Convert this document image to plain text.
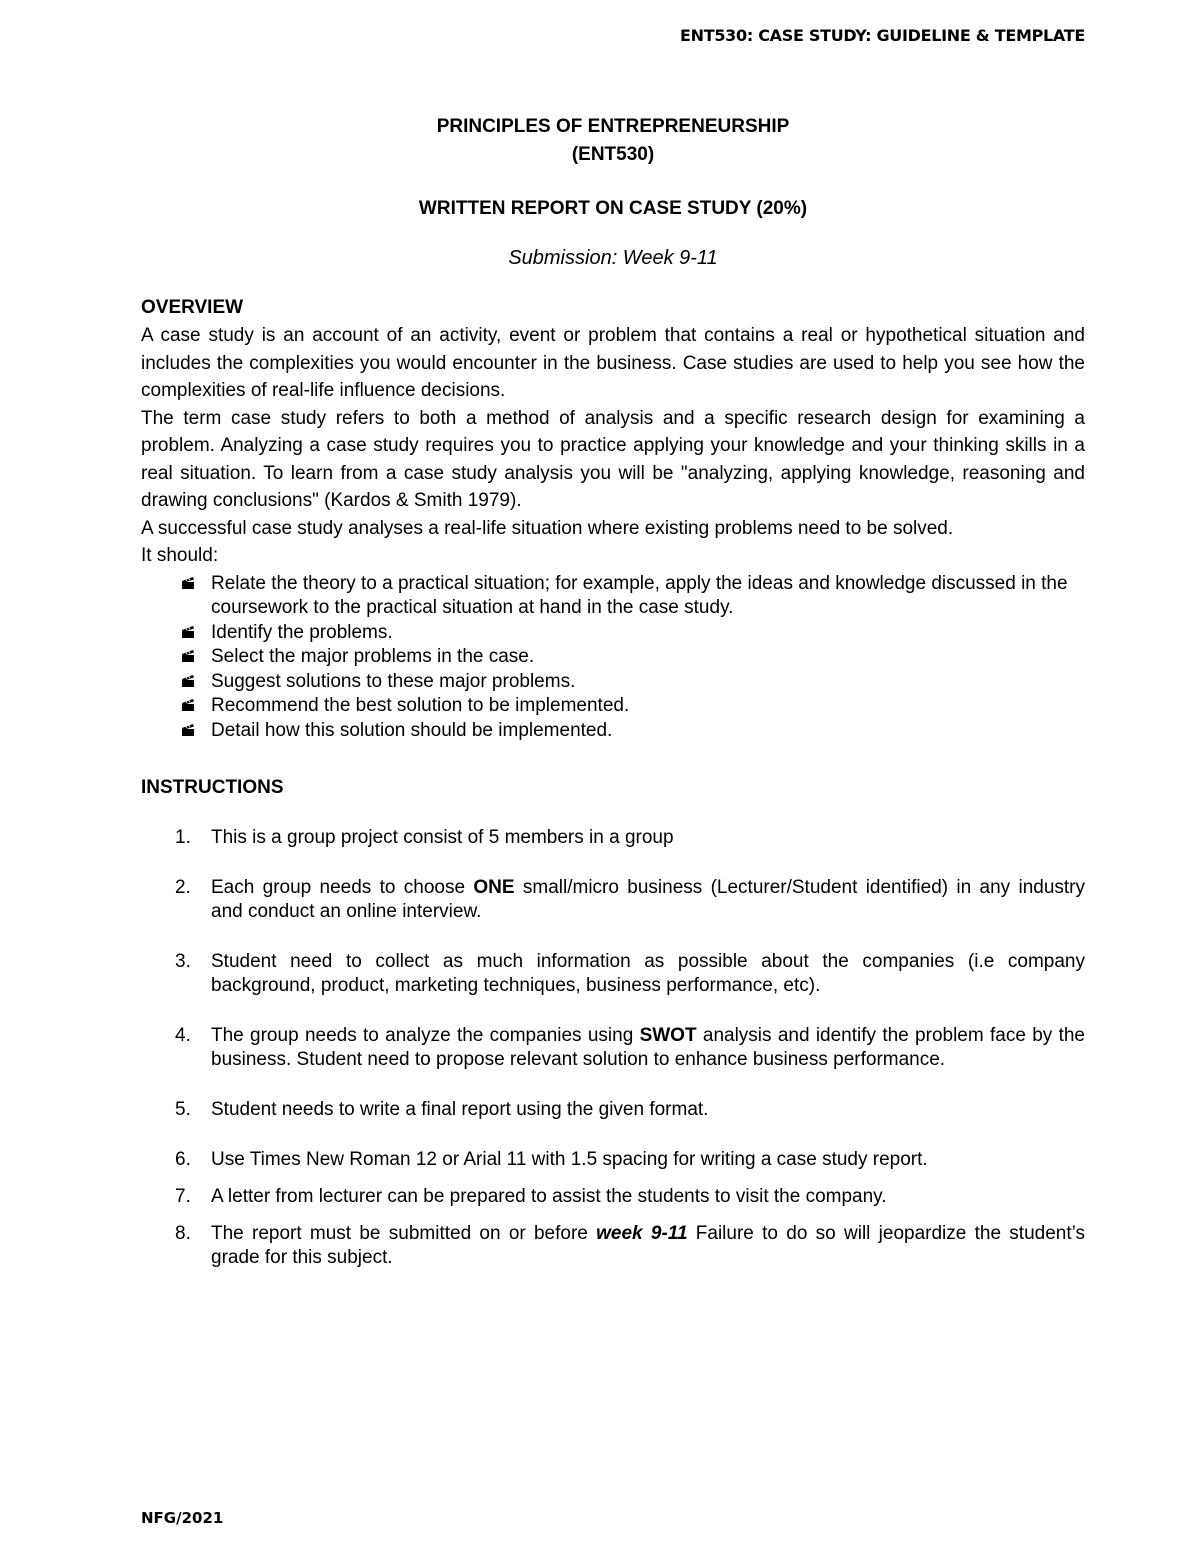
ENT530: CASE STUDY: GUIDELINE & TEMPLATE

PRINCIPLES OF ENTREPRENEURSHIP

(ENT530)

WRITTEN REPORT ON CASE STUDY (20%)

Submission: Week 9-11

OVERVIEW

A case study is an account of an activity, event or problem that contains a real or hypothetical situation and includes the complexities you would encounter in the business. Case studies are used to help you see how the complexities of real-life influence decisions.

The term case study refers to both a method of analysis and a specific research design for examining a problem. Analyzing a case study requires you to practice applying your knowledge and your thinking skills in a real situation. To learn from a case study analysis you will be "analyzing, applying knowledge, reasoning and drawing conclusions" (Kardos & Smith 1979).

A successful case study analyses a real-life situation where existing problems need to be solved.
It should:

Relate the theory to a practical situation; for example, apply the ideas and knowledge discussed in the coursework to the practical situation at hand in the case study.
Identify the problems.
Select the major problems in the case.
Suggest solutions to these major problems.
Recommend the best solution to be implemented.
Detail how this solution should be implemented.

INSTRUCTIONS

1. This is a group project consist of 5 members in a group
2. Each group needs to choose ONE small/micro business (Lecturer/Student identified) in any industry and conduct an online interview.
3. Student need to collect as much information as possible about the companies (i.e company background, product, marketing techniques, business performance, etc).
4. The group needs to analyze the companies using SWOT analysis and identify the problem face by the business. Student need to propose relevant solution to enhance business performance.
5. Student needs to write a final report using the given format.
6. Use Times New Roman 12 or Arial 11 with 1.5 spacing for writing a case study report.
7. A letter from lecturer can be prepared to assist the students to visit the company.
8. The report must be submitted on or before week 9-11 Failure to do so will jeopardize the student’s grade for this subject.
NFG/2021
